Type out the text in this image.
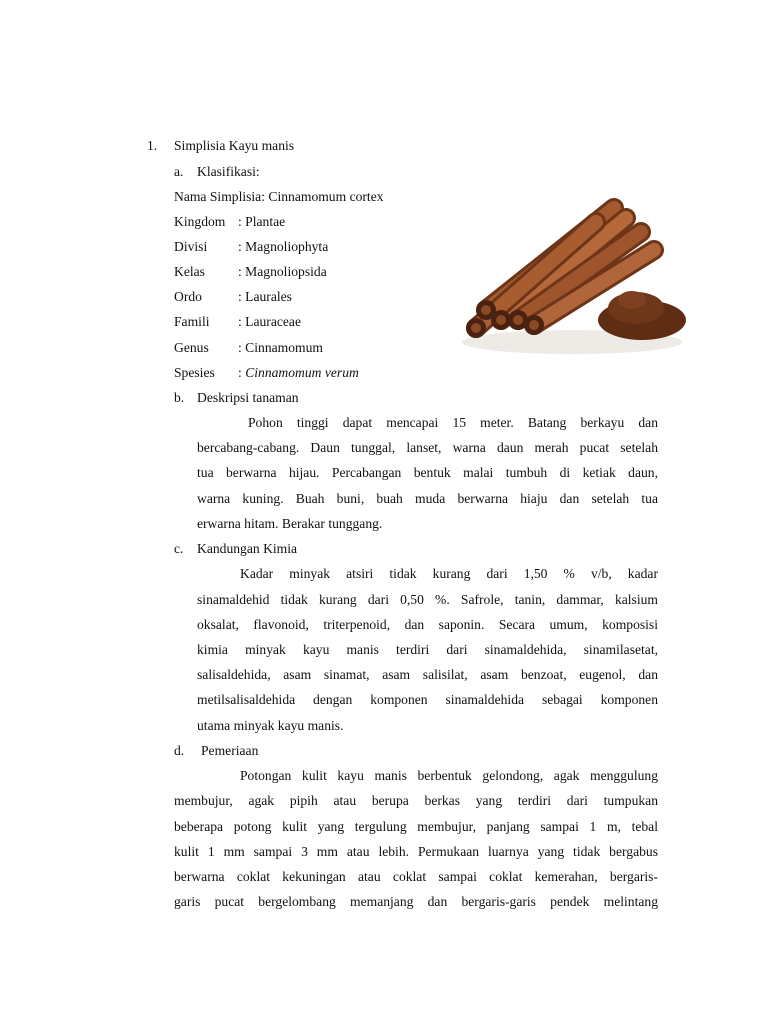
1. Simplisia Kayu manis
a. Klasifikasi:
Nama Simplisia: Cinnamomum cortex
Kingdom : Plantae
Divisi : Magnoliophyta
Kelas : Magnoliopsida
Ordo	: Laurales
Famili : Lauraceae
Genus : Cinnamomum
Spesies : Cinnamomum verum
b. Deskripsi tanaman
Pohon tinggi dapat mencapai 15 meter. Batang berkayu dan
bercabang-cabang. Daun tunggal, lanset, warna daun merah pucat setelah
tua berwarna hijau. Percabangan bentuk malai tumbuh di ketiak daun,
warna kuning. Buah buni, buah muda berwarna hiaju dan setelah tua
erwarna hitam. Berakar tunggang.
c. Kandungan Kimia
Kadar minyak atsiri tidak kurang dari 1,50 % v/b, kadar
sinamaldehid tidak kurang dari 0,50 %. Safrole, tanin, dammar, kalsium
oksalat, flavonoid, triterpenoid, dan saponin. Secara umum, komposisi
kimia minyak kayu manis terdiri dari sinamaldehida, sinamilasetat,
salisaldehida, asam sinamat, asam salisilat, asam benzoat, eugenol, dan
metilsalisaldehida dengan komponen sinamaldehida sebagai komponen
utama minyak kayu manis.
d. Pemeriaan
Potongan kulit kayu manis berbentuk gelondong, agak menggulung
membujur, agak pipih atau berupa berkas yang terdiri dari tumpukan
beberapa potong kulit yang tergulung membujur, panjang sampai 1 m, tebal
kulit 1 mm sampai 3 mm atau lebih. Permukaan luarnya yang tidak bergabus
berwarna coklat kekuningan atau coklat sampai coklat kemerahan, bergaris-
garis pucat bergelombang memanjang dan bergaris-garis pendek melintang
